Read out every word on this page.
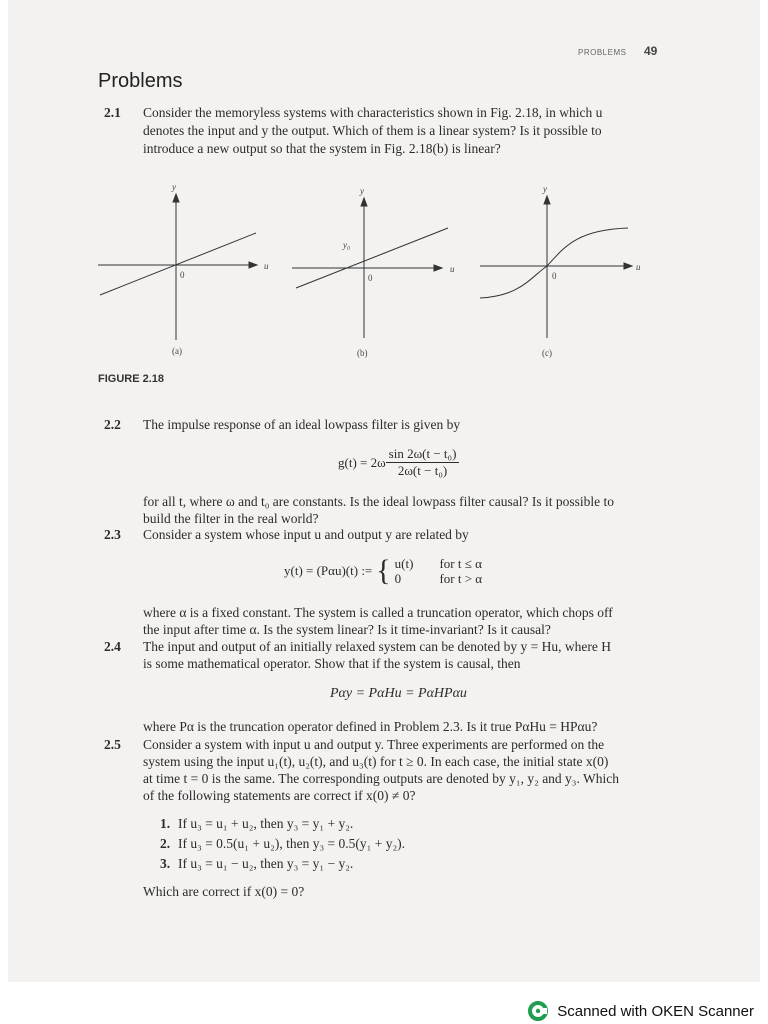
PROBLEMS 49
Problems
2.1 Consider the memoryless systems with characteristics shown in Fig. 2.18, in which u
denotes the input and y the output. Which of them is a linear system? Is it possible to
introduce a new output so that the system in Fig. 2.18(b) is linear?
y
u
0
(a)
y
u
0
y₀
(b)
y
u
0
(c)
FIGURE 2.18
2.2 The impulse response of an ideal lowpass filter is given by
$g(t) = 2\omega \frac{\text{sin 2ω(t − t₀)}}{\text{2ω(t − t₀)}}$
for all t, where ω and t₀ are constants. Is the ideal lowpass filter causal? Is it possible to
build the filter in the real world?
2.3 Consider a system whose input u and output y are related by
y(t) = (Pαu)(t) := { u(t) for t ≤ α
0	for t > α
where α is a fixed constant. The system is called a truncation operator, which chops off
the input after time α. Is the system linear? Is it time-invariant? Is it causal?
2.4 The input and output of an initially relaxed system can be denoted by y = Hu, where H
is some mathematical operator. Show that if the system is causal, then
Pαy = PαHu = PαHPαu
where Pα is the truncation operator defined in Problem 2.3. Is it true PαHu = HPαu?
2.5 Consider a system with input u and output y. Three experiments are performed on the
system using the input u₁(t), u₂(t), and u₃(t) for t ≥ 0. In each case, the initial state x(0)
at time t = 0 is the same. The corresponding outputs are denoted by y₁, y₂ and y₃. Which
of the following statements are correct if x(0) ≠ 0?
1. If u₃ = u₁ + u₂, then y₃ = y₁ + y₂.
2. If u₃ = 0.5(u₁ + u₂), then y₃ = 0.5(y₁ + y₂).
3. If u₃ = u₁ − u₂, then y₃ = y₁ − y₂.
Which are correct if x(0) = 0?
Scanned with OKEN Scanner
